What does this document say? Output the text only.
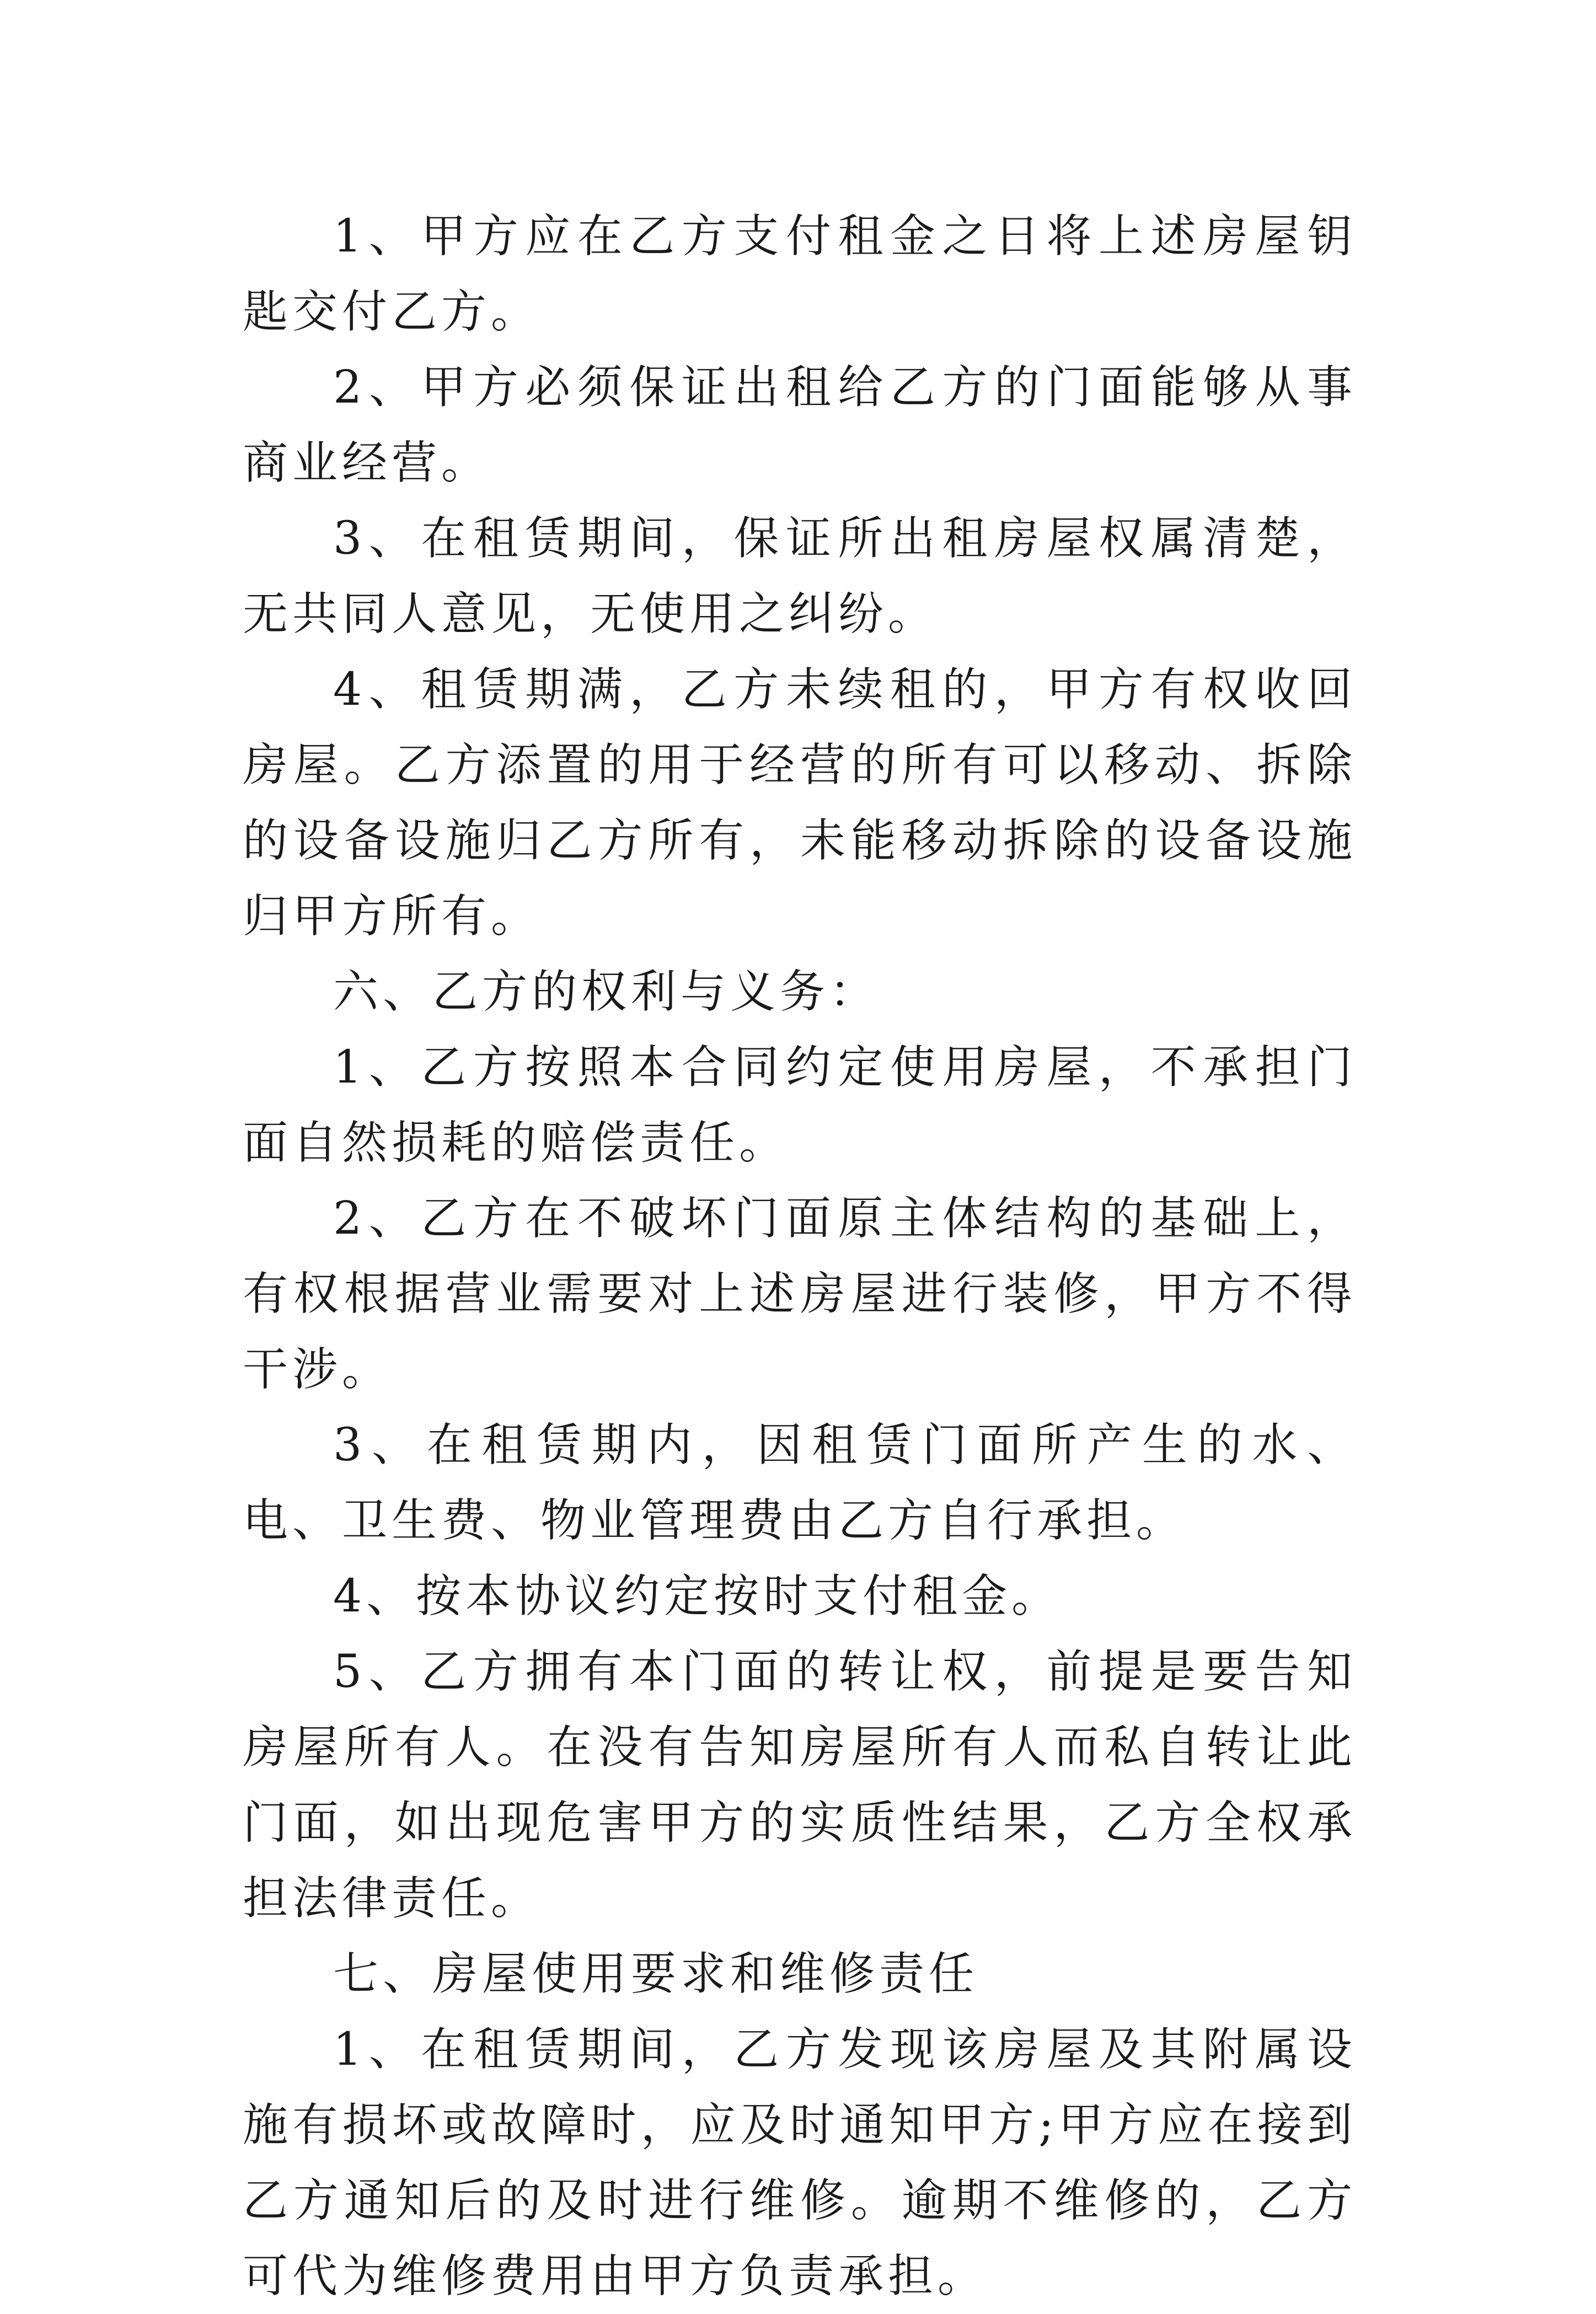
1、甲方应在乙方支付租金之日将上述房屋钥匙交付乙方。

2、甲方必须保证出租给乙方的门面能够从事商业经营。

3、在租赁期间，保证所出租房屋权属清楚，无共同人意见，无使用之纠纷。

4、租赁期满，乙方未续租的，甲方有权收回房屋。乙方添置的用于经营的所有可以移动、拆除的设备设施归乙方所有，未能移动拆除的设备设施归甲方所有。

六、乙方的权利与义务：

1、乙方按照本合同约定使用房屋，不承担门面自然损耗的赔偿责任。

2、乙方在不破坏门面原主体结构的基础上，有权根据营业需要对上述房屋进行装修，甲方不得干涉。

3、在租赁期内，因租赁门面所产生的水、电、卫生费、物业管理费由乙方自行承担。

4、按本协议约定按时支付租金。

5、乙方拥有本门面的转让权，前提是要告知房屋所有人。在没有告知房屋所有人而私自转让此门面，如出现危害甲方的实质性结果，乙方全权承担法律责任。

七、房屋使用要求和维修责任

1、在租赁期间，乙方发现该房屋及其附属设施有损坏或故障时，应及时通知甲方;甲方应在接到乙方通知后的及时进行维修。逾期不维修的，乙方可代为维修费用由甲方负责承担。
